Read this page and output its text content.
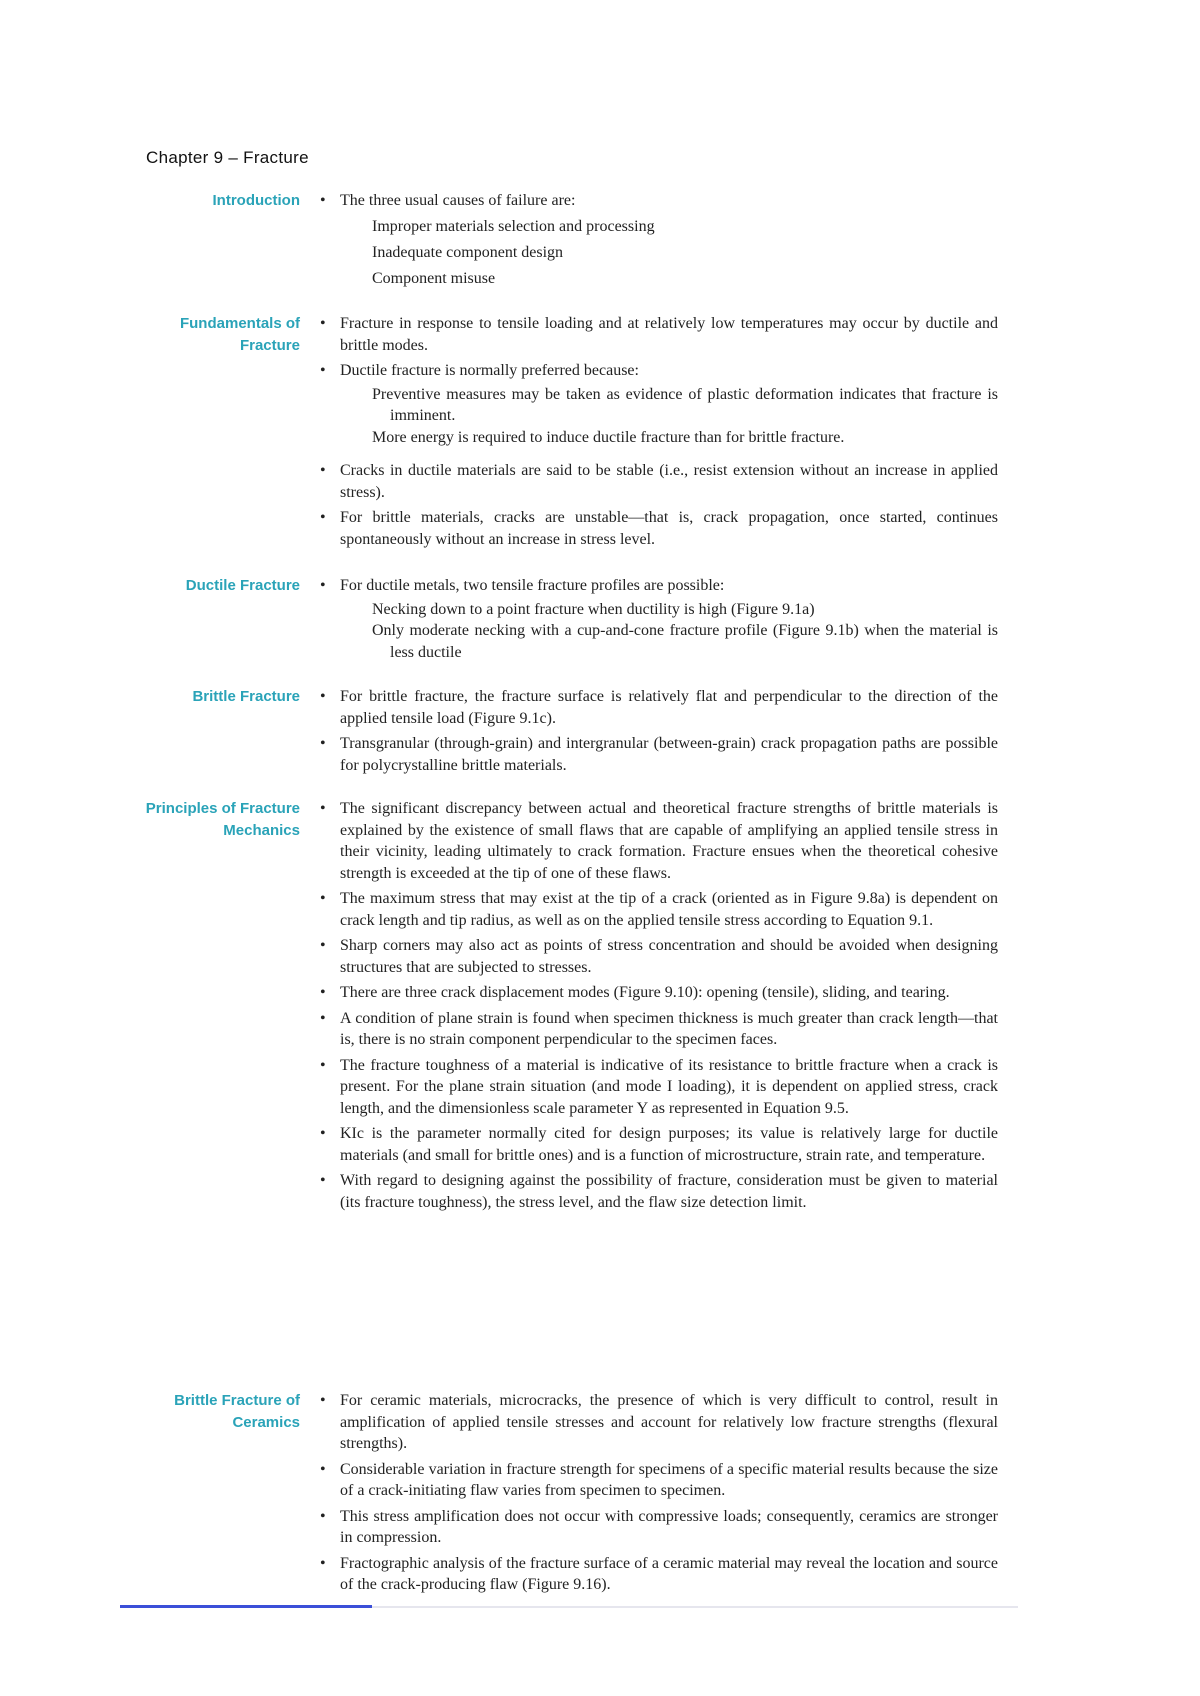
Chapter 9 – Fracture
Introduction	• The three usual causes of failure are:
Improper materials selection and processing
Inadequate component design
Component misuse
Fundamentals of
Fracture
• Fracture in response to tensile loading and at relatively low temperatures may occur by ductile and brittle modes.
• Ductile fracture is normally preferred because:
Preventive measures may be taken as evidence of plastic deformation indicates that fracture is imminent.
More energy is required to induce ductile fracture than for brittle fracture.
• Cracks in ductile materials are said to be stable (i.e., resist extension without an increase in applied stress).
• For brittle materials, cracks are unstable—that is, crack propagation, once started, continues spontaneously without an increase in stress level.
Ductile Fracture	• For ductile metals, two tensile fracture profiles are possible:
Necking down to a point fracture when ductility is high (Figure 9.1a)
Only moderate necking with a cup-and-cone fracture profile (Figure 9.1b) when the material is less ductile
Brittle Fracture	• For brittle fracture, the fracture surface is relatively flat and perpendicular to the direction of the applied tensile load (Figure 9.1c).
• Transgranular (through-grain) and intergranular (between-grain) crack propagation paths are possible for polycrystalline brittle materials.
Principles of Fracture
Mechanics
• The significant discrepancy between actual and theoretical fracture strengths of brittle materials is explained by the existence of small flaws that are capable of amplifying an applied tensile stress in their vicinity, leading ultimately to crack formation. Fracture ensues when the theoretical cohesive strength is exceeded at the tip of one of these flaws.
• The maximum stress that may exist at the tip of a crack (oriented as in Figure 9.8a) is dependent on crack length and tip radius, as well as on the applied tensile stress according to Equation 9.1.
• Sharp corners may also act as points of stress concentration and should be avoided when designing structures that are subjected to stresses.
• There are three crack displacement modes (Figure 9.10): opening (tensile), sliding, and tearing.
• A condition of plane strain is found when specimen thickness is much greater than crack length—that is, there is no strain component perpendicular to the specimen faces.
• The fracture toughness of a material is indicative of its resistance to brittle fracture when a crack is present. For the plane strain situation (and mode I loading), it is dependent on applied stress, crack length, and the dimensionless scale parameter Y as represented in Equation 9.5.
• KIc is the parameter normally cited for design purposes; its value is relatively large for ductile materials (and small for brittle ones) and is a function of microstructure, strain rate, and temperature.
• With regard to designing against the possibility of fracture, consideration must be given to material (its fracture toughness), the stress level, and the flaw size detection limit.
Brittle Fracture of
Ceramics
• For ceramic materials, microcracks, the presence of which is very difficult to control, result in amplification of applied tensile stresses and account for relatively low fracture strengths (flexural strengths).
• Considerable variation in fracture strength for specimens of a specific material results because the size of a crack-initiating flaw varies from specimen to specimen.
• This stress amplification does not occur with compressive loads; consequently, ceramics are stronger in compression.
• Fractographic analysis of the fracture surface of a ceramic material may reveal the location and source of the crack-producing flaw (Figure 9.16).
